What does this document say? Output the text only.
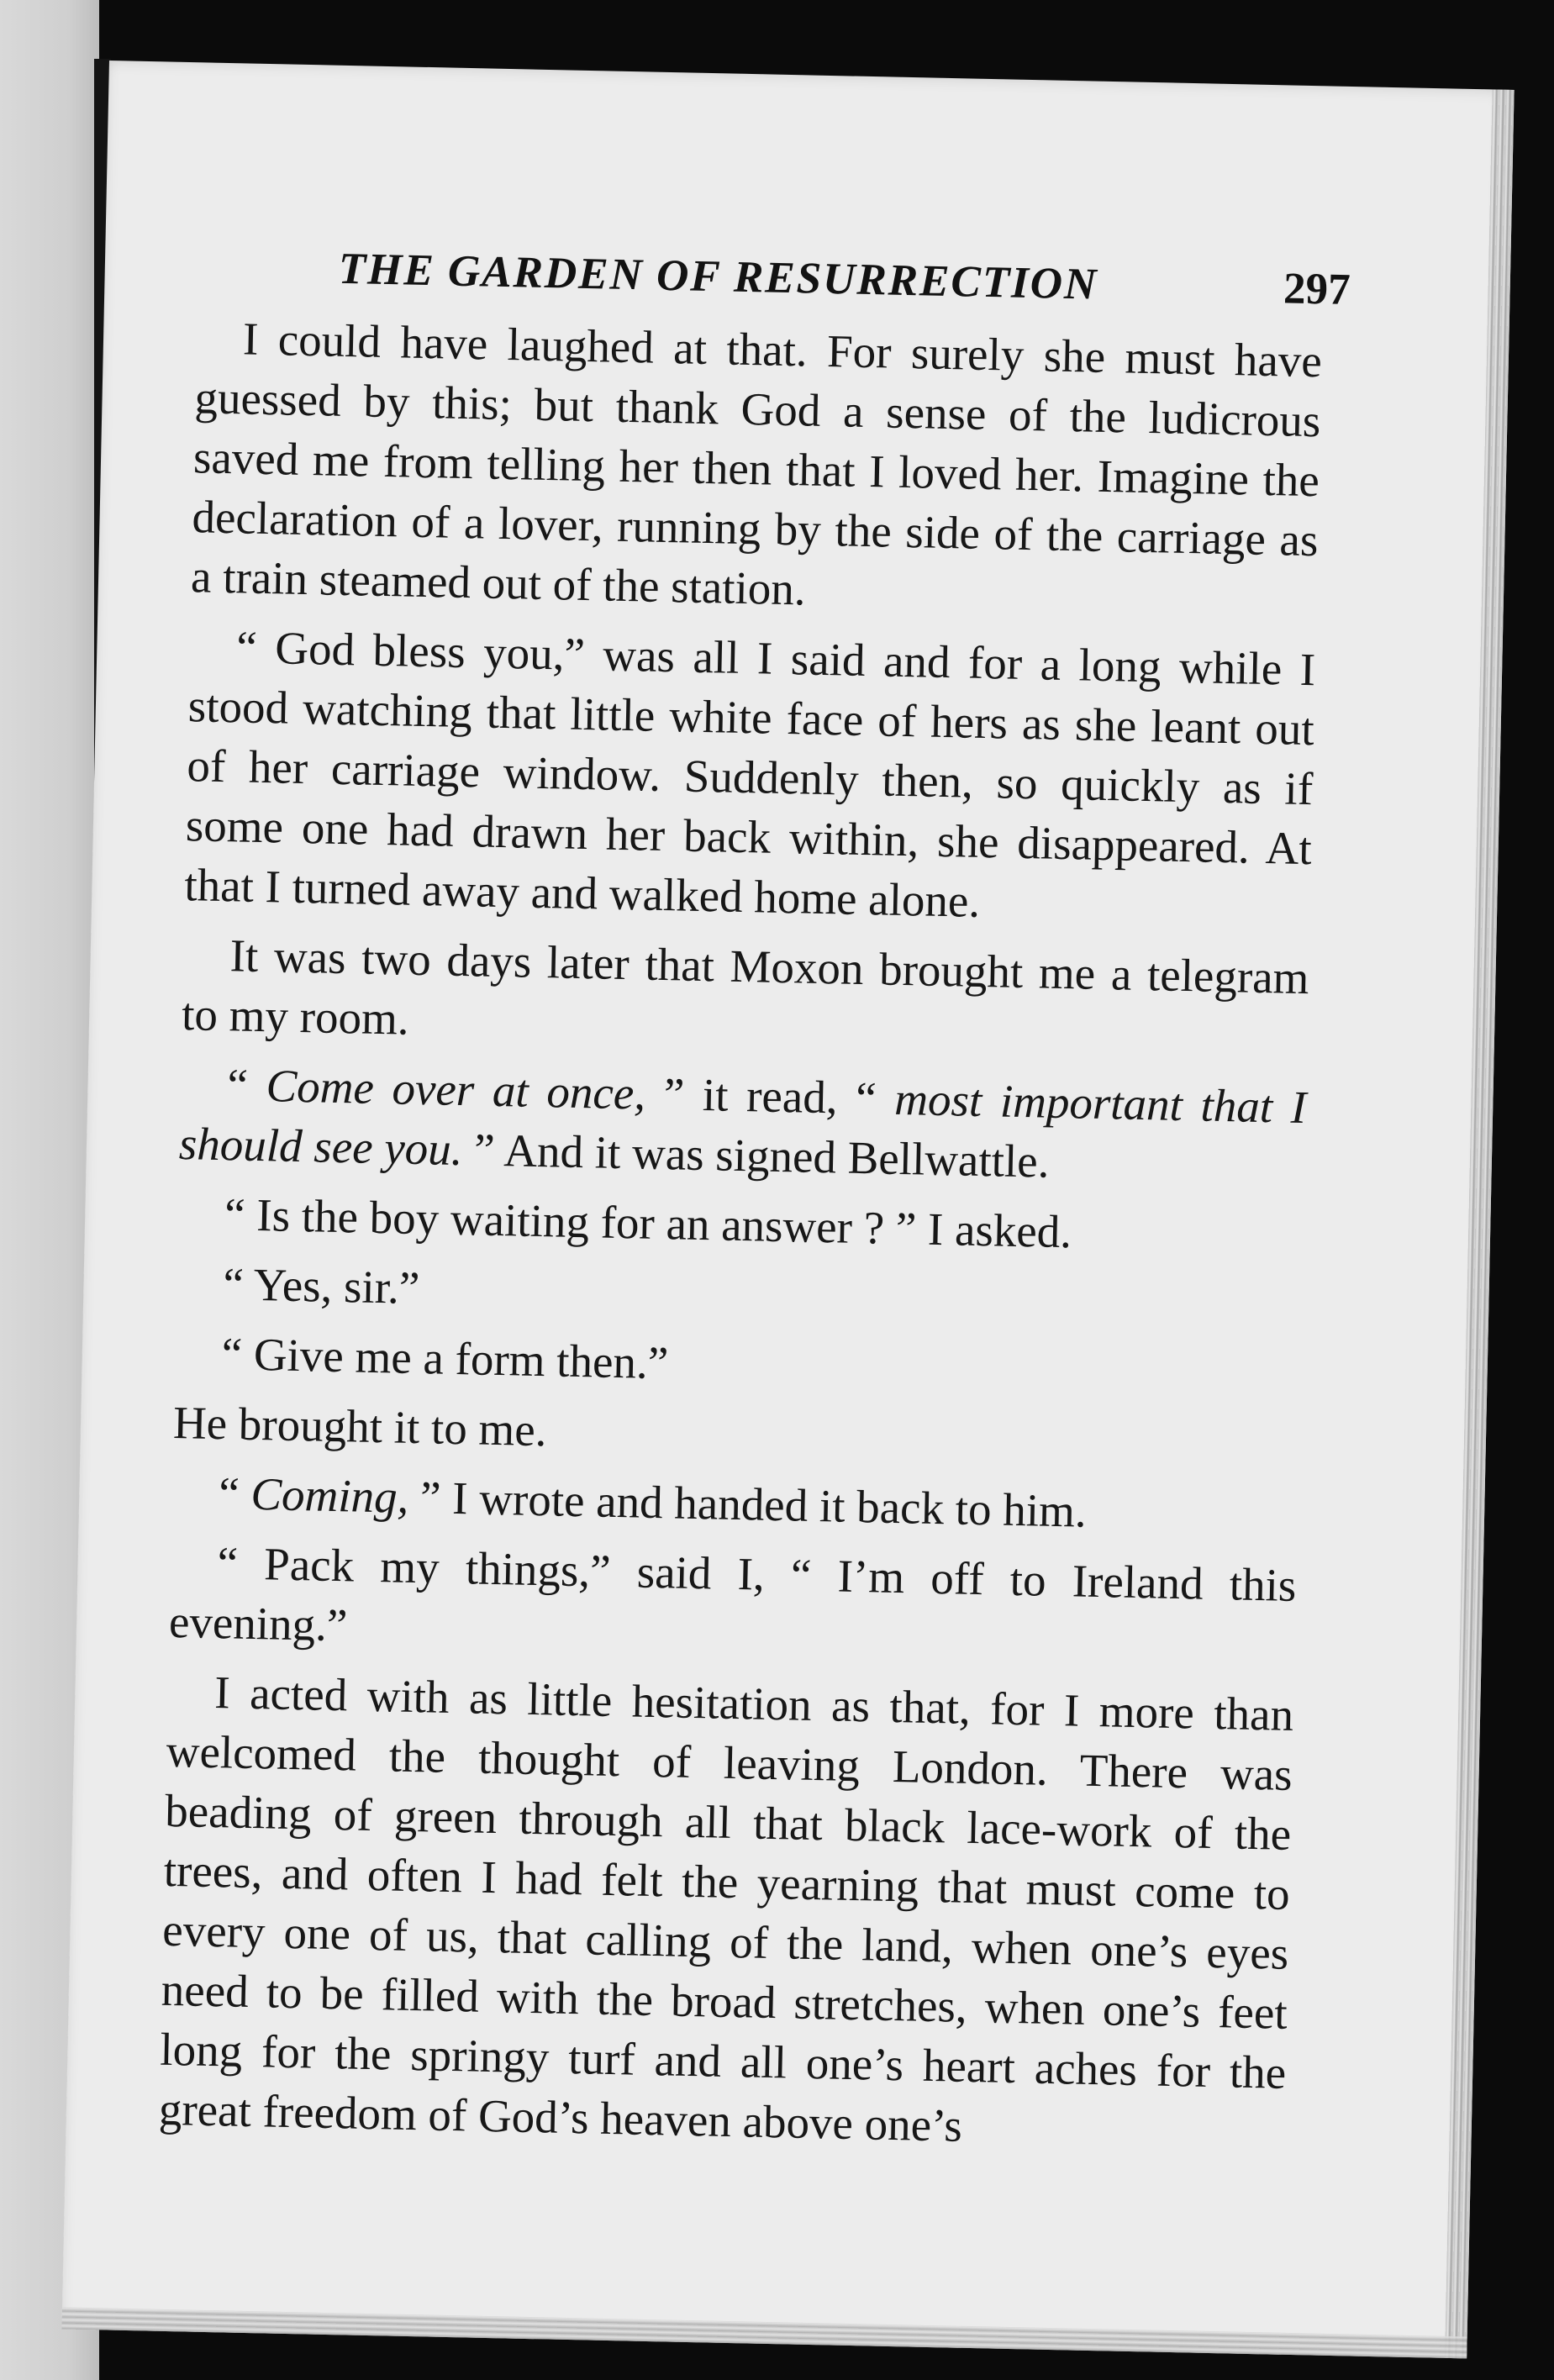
THE GARDEN OF RESURRECTION	297

I could have laughed at that. For surely she must have guessed by this; but thank God a sense of the ludicrous saved me from telling her then that I loved her. Imagine the declaration of a lover, running by the side of the carriage as a train steamed out of the station.

“ God bless you,” was all I said and for a long while I stood watching that little white face of hers as she leant out of her carriage window. Suddenly then, so quickly as if some one had drawn her back within, she disappeared. At that I turned away and walked home alone.

It was two days later that Moxon brought me a telegram to my room.

“ Come over at once, ” it read, “ most important that I should see you. ” And it was signed Bellwattle.

“ Is the boy waiting for an answer ? ” I asked.

“ Yes, sir.”

“ Give me a form then.”

He brought it to me.

“ Coming, ” I wrote and handed it back to him.

“ Pack my things,” said I, “ I’m off to Ireland this evening.”

I acted with as little hesitation as that, for I more than welcomed the thought of leaving London. There was beading of green through all that black lace-work of the trees, and often I had felt the yearning that must come to every one of us, that calling of the land, when one’s eyes need to be filled with the broad stretches, when one’s feet long for the springy turf and all one’s heart aches for the great freedom of God’s heaven above one’s
